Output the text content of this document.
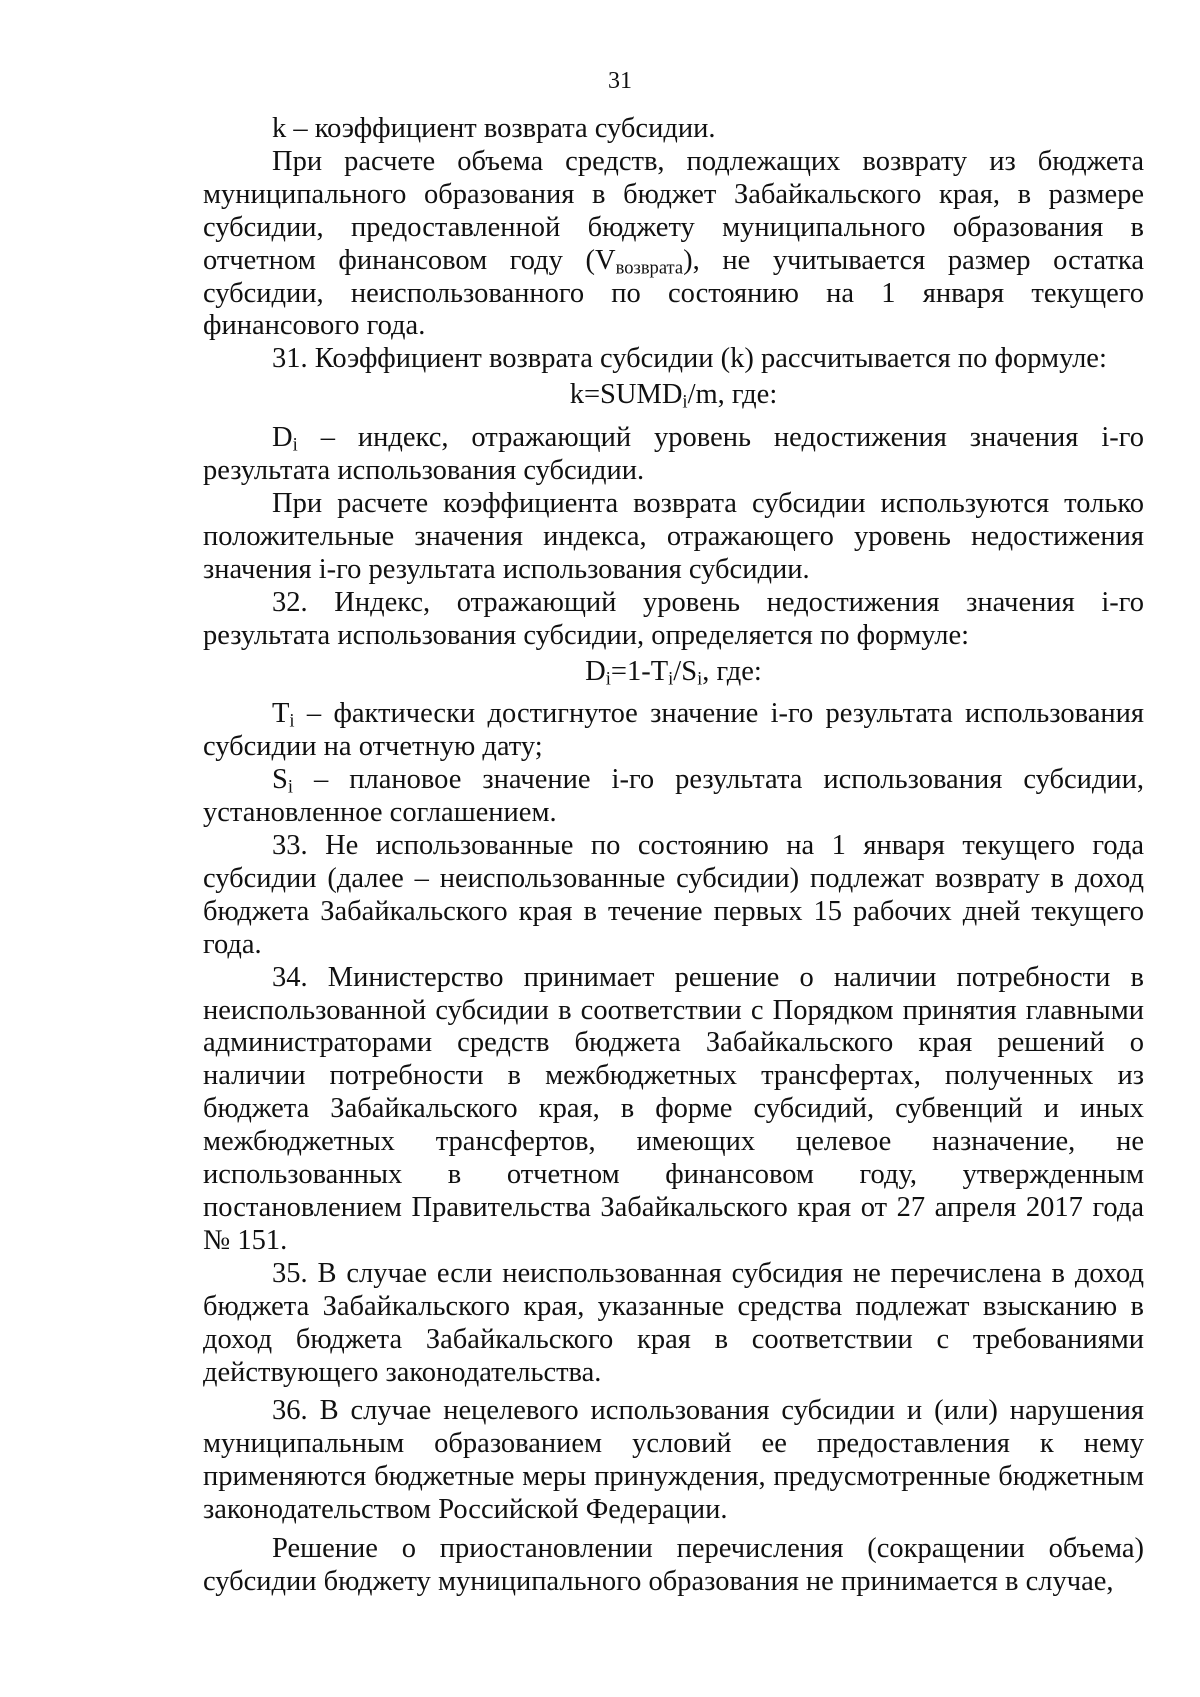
31

k – коэффициент возврата субсидии.

При расчете объема средств, подлежащих возврату из бюджета муниципального образования в бюджет Забайкальского края, в размере субсидии, предоставленной бюджету муниципального образования в отчетном финансовом году $(V_{возврата})$, не учитывается размер остатка субсидии, неиспользованного по состоянию на 1 января текущего финансового года.

31. Коэффициент возврата субсидии (k) рассчитывается по формуле:

$k=SUMD_i/m$, где:

$D_i$ – индекс, отражающий уровень недостижения значения i-го результата использования субсидии.

При расчете коэффициента возврата субсидии используются только положительные значения индекса, отражающего уровень недостижения значения i-го результата использования субсидии.

32. Индекс, отражающий уровень недостижения значения i-го результата использования субсидии, определяется по формуле:

$D_i=1-T_i/S_i$, где:

$T_i$ – фактически достигнутое значение i-го результата использования субсидии на отчетную дату;

$S_i$ – плановое значение i-го результата использования субсидии, установленное соглашением.

33. Не использованные по состоянию на 1 января текущего года субсидии (далее – неиспользованные субсидии) подлежат возврату в доход бюджета Забайкальского края в течение первых 15 рабочих дней текущего года.

34. Министерство принимает решение о наличии потребности в неиспользованной субсидии в соответствии с Порядком принятия главными администраторами средств бюджета Забайкальского края решений о наличии потребности в межбюджетных трансфертах, полученных из бюджета Забайкальского края, в форме субсидий, субвенций и иных межбюджетных трансфертов, имеющих целевое назначение, не использованных в отчетном финансовом году, утвержденным постановлением Правительства Забайкальского края от 27 апреля 2017 года № 151.

35. В случае если неиспользованная субсидия не перечислена в доход бюджета Забайкальского края, указанные средства подлежат взысканию в доход бюджета Забайкальского края в соответствии с требованиями действующего законодательства.

36. В случае нецелевого использования субсидии и (или) нарушения муниципальным образованием условий ее предоставления к нему применяются бюджетные меры принуждения, предусмотренные бюджетным законодательством Российской Федерации.

Решение о приостановлении перечисления (сокращении объема) субсидии бюджету муниципального образования не принимается в случае,
